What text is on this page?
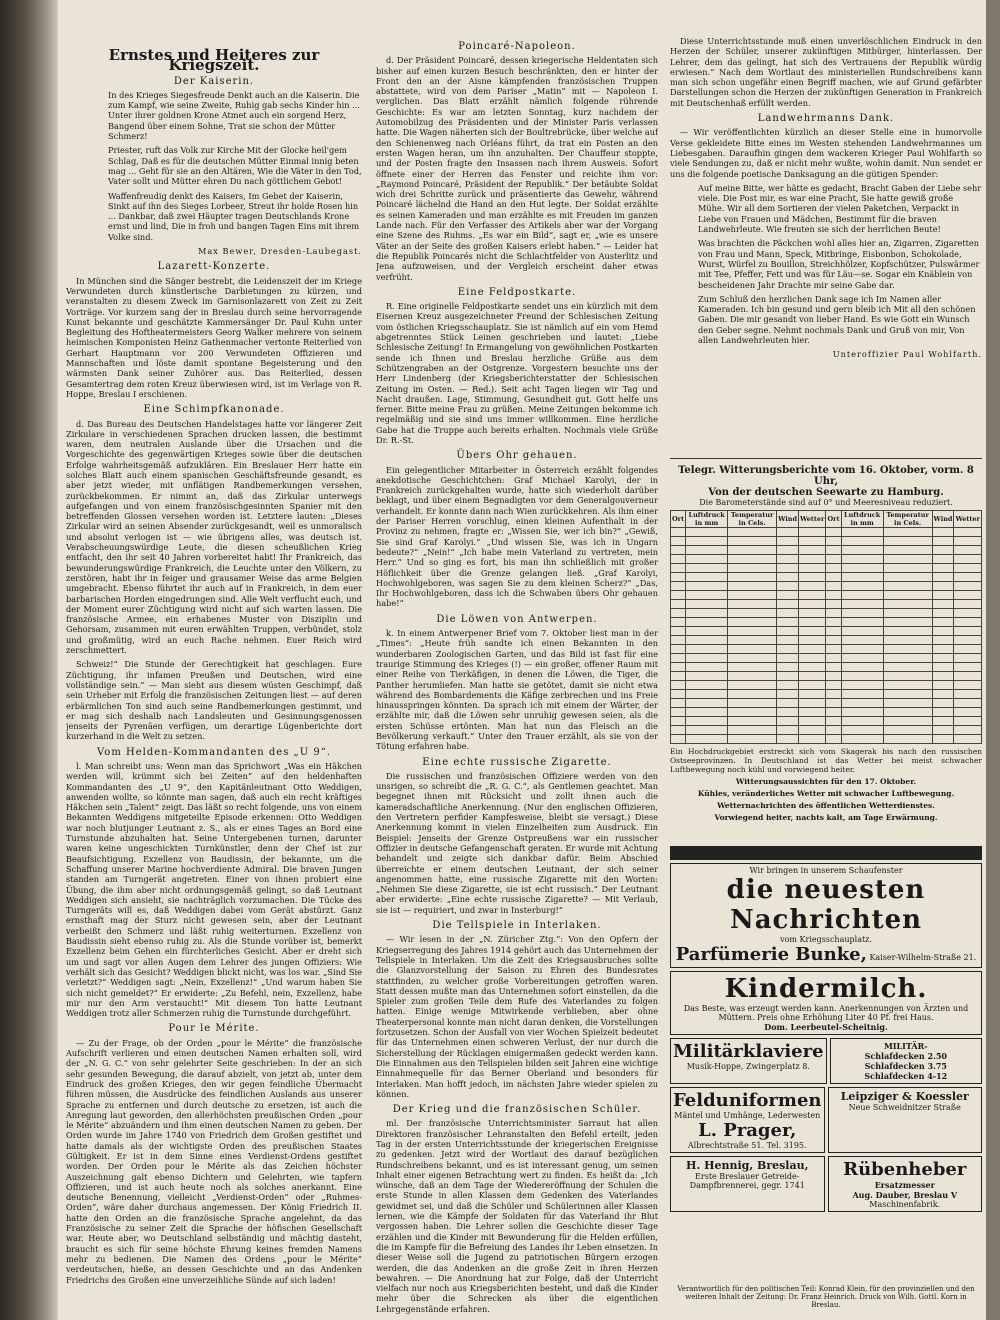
Ernstes und Heiteres zur Kriegszeit.
Der Kaiserin.

In des Krieges Siegesfreude Denkt auch an die Kaiserin. Die zum Kampf, wie seine Zweite, Ruhig gab sechs Kinder hin ... Unter ihrer goldnen Krone Atmet auch ein sorgend Herz, Bangend über einem Sohne, Trat sie schon der Mütter Schmerz!

Priester, ruft das Volk zur Kirche Mit der Glocke heil'gem Schlag, Daß es für die deutschen Mütter Einmal innig beten mag ... Geht für sie an den Altären, Wie die Väter in den Tod, Vater sollt und Mütter ehren Du nach göttlichem Gebot!

Waffenfreudig denkt des Kaisers, Im Gebet der Kaiserin, Sinkt auf ihn des Sieges Lorbeer, Streut ihr holde Rosen hin ... Dankbar, daß zwei Häupter tragen Deutschlands Krone ernst und lind, Die in froh und bangen Tagen Eins mit ihrem Volke sind.

Max Bewer, Dresden-Laubegast.
Lazarett-Konzerte.

In München sind die Sänger bestrebt, die Leidenszeit der im Kriege Verwundeten durch künstlerische Darbietungen zu kürzen, und veranstalten zu diesem Zweck im Garnisonlazarett von Zeit zu Zeit Vorträge. Vor kurzem sang der in Breslau durch seine hervorragende Kunst bekannte und geschätzte Kammersänger Dr. Paul Kuhn unter Begleitung des Hoftheatermeisters Georg Walker mehrere von seinem heimischen Komponisten Heinz Gathenmacher vertonte Reiterlied von Gerhart Hauptmann vor 200 Verwundeten Offizieren und Mannschaften und löste damit spontane Begeisterung und den wärmsten Dank seiner Zuhörer aus. Das Reiterlied, dessen Gesamtertrag dem roten Kreuz überwiesen wird, ist im Verlage von R. Hoppe, Breslau I erschienen.

Eine Schimpfkanonade.

d. Das Bureau des Deutschen Handelstages hatte vor längerer Zeit Zirkulare in verschiedenen Sprachen drucken lassen, die bestimmt waren, dem neutralen Auslande über die Ursachen und die Vorgeschichte des gegenwärtigen Krieges sowie über die deutschen Erfolge wahrheitsgemäß aufzuklären. Ein Breslauer Herr hatte ein solches Blatt auch einem spanischen Geschäftsfreunde gesandt, es aber jetzt wieder, mit unflätigen Randbemerkungen versehen, zurückbekommen. Er nimmt an, daß das Zirkular unterwegs aufgefangen und von einem französischgesinnten Spanier mit den betreffenden Glossen versehen worden ist. Letztere lauten: „Dieses Zirkular wird an seinen Absender zurückgesandt, weil es unmoralisch und absolut verlogen ist — wie übrigens alles, was deutsch ist. Verabscheuungswürdige Leute, die diesen scheußlichen Krieg entfacht, den ihr seit 40 Jahren vorbereitet habt! Ihr Frankreich, das bewunderungswürdige Frankreich, die Leuchte unter den Völkern, zu zerstören, habt ihr in feiger und grausamer Weise das arme Belgien umgebracht. Ebenso führtet ihr auch auf in Frankreich, in dem euer barbarischen Horden eingedrungen sind. Alle Welt verflucht euch, und der Moment eurer Züchtigung wird nicht auf sich warten lassen. Die französische Armee, ein erhabenes Muster von Disziplin und Gehorsam, zusammen mit euren erwählten Truppen, verbündet, stolz und großmütig, wird an euch Rache nehmen. Euer Reich wird zerschmettert.

Schweiz!“ Die Stunde der Gerechtigkeit hat geschlagen. Eure Züchtigung, ihr infamen Preußen und Deutschen, wird eine vollständige sein.“ — Man sieht aus diesem wüsten Geschimpf, daß sein Urheber mit Erfolg die französischen Zeitungen liest — auf deren erbärmlichen Ton sind auch seine Randbemerkungen gestimmt, und er mag sich deshalb nach Landsleuten und Gesinnungsgenossen jenseits der Pyrenäen verfügen, um derartige Lügenberichte dort kurzerhand in die Welt zu setzen.

Vom Helden-Kommandanten des „U 9“.

l. Man schreibt uns: Wenn man das Sprichwort „Was ein Häkchen werden will, krümmt sich bei Zeiten“ auf den heldenhaften Kommandanten des „U 9“, den Kapitänleutnant Otto Weddigen, anwenden wollte, so könnte man sagen, daß auch ein recht kräftiges Häkchen sein „Talent“ zeigt. Das läßt so recht folgende, uns von einem Bekannten Weddigens mitgeteilte Episode erkennen: Otto Weddigen war noch blutjunger Leutnant z. S., als er eines Tages an Bord eine Turnstunde abzuhalten hat. Seine Untergebenen turnen, darunter waren keine ungeschickten Turnkünstler, denn der Chef ist zur Beaufsichtigung. Exzellenz von Baudissin, der bekannte, um die Schaffung unserer Marine hochverdiente Admiral. Die braven Jungen standen am Turngerät angetreten. Einer von ihnen probiert eine Übung, die ihm aber nicht ordnungsgemäß gelingt, so daß Leutnant Weddigen sich ansieht, sie nachträglich vorzumachen. Die Tücke des Turngeräts will es, daß Weddigen dabei vom Gerät abstürzt. Ganz ernsthaft mag der Sturz nicht gewesen sein, aber der Leutnant verbeißt den Schmerz und läßt ruhig weiterturnen. Exzellenz von Baudissin sieht ebenso ruhig zu. Als die Stunde vorüber ist, bemerkt Exzellenz beim Gehen ein fürchterliches Gesicht. Aber er dreht sich um und sagt vor allen Augen dem Lehrer des jungen Offiziers: Wie verhält sich das Gesicht? Weddigen blickt nicht, was los war. „Sind Sie verletzt?“ Weddigen sagt: „Nein, Exzellenz!“ „Und warum haben Sie sich nicht gemeldet?“ Er erwiderte: „Zu Befehl, nein, Exzellenz, habe mir nur den Arm verstaucht!“ Mit diesem Ton hatte Leutnant Weddigen trotz aller Schmerzen ruhig die Turnstunde durchgeführt.

Pour le Mérite.

— Zu der Frage, ob der Orden „pour le Mérite“ die französische Aufschrift verlieren und einen deutschen Namen erhalten soll, wird der „N. G. C.“ von sehr gelehrter Seite geschrieben: In der an sich sehr gesunden Bewegung, die darauf abzielt, von jetzt ab, unter dem Eindruck des großen Krieges, den wir gegen feindliche Übermacht führen müssen, die Ausdrücke des feindlichen Auslands aus unserer Sprache zu entfernen und durch deutsche zu ersetzen, ist auch die Anregung laut geworden, den allerhöchsten preußischen Orden „pour le Mérite“ abzuändern und ihm einen deutschen Namen zu geben. Der Orden wurde im Jahre 1740 von Friedrich dem Großen gestiftet und hatte damals als der wichtigste Orden des preußischen Staates Gültigkeit. Er ist in dem Sinne eines Verdienst-Ordens gestiftet worden. Der Orden pour le Mérite als das Zeichen höchster Auszeichnung galt ebenso Dichtern und Gelehrten, wie tapfern Offizieren, und ist auch heute noch als solches anerkannt. Eine deutsche Benennung, vielleicht „Verdienst-Orden“ oder „Ruhmes-Orden“, wäre daher durchaus angemessen. Der König Friedrich II. hatte den Orden an die französische Sprache angelehnt, da das Französische zu seiner Zeit die Sprache der höfischen Gesellschaft war. Heute aber, wo Deutschland selbständig und mächtig dasteht, braucht es sich für seine höchste Ehrung keines fremden Namens mehr zu bedienen. Die Namen des Ordens „pour le Mérite“ verdeutschen, hieße, an dessen Geschichte und an das Andenken Friedrichs des Großen eine unverzeihliche Sünde auf sich laden!

Poincaré-Napoleon.

d. Der Präsident Poincaré, dessen kriegerische Heldentaten sich bisher auf einen kurzen Besuch beschränkten, den er hinter der Front den an der Aisne kämpfenden französischen Truppen abstattete, wird von dem Pariser „Matin“ mit — Napoleon I. verglichen. Das Blatt erzählt nämlich folgende rührende Geschichte: Es war am letzten Sonntag, kurz nachdem der Automobilzug des Präsidenten und der Minister Paris verlassen hatte. Die Wagen näherten sich der Boultrebrücke, über welche auf den Schienenweg nach Orléans führt, da trat ein Posten an den ersten Wagen heran, um ihn anzuhalten. Der Chauffeur stoppte, und der Posten fragte den Insassen nach ihrem Ausweis. Sofort öffnete einer der Herren das Fenster und reichte ihm vor: „Raymond Poincaré, Präsident der Republik.“ Der betäubte Soldat wich drei Schritte zurück und präsentierte das Gewehr, während Poincaré lächelnd die Hand an den Hut legte. Der Soldat erzählte es seinen Kameraden und man erzählte es mit Freuden im ganzen Lande nach. Für den Verfasser des Artikels aber war der Vorgang eine Szene des Ruhms. „Es war ein Bild“, sagt er, „wie es unsere Väter an der Seite des großen Kaisers erlebt haben.“ — Leider hat die Republik Poincarés nicht die Schlachtfelder von Austerlitz und Jena aufzuweisen, und der Vergleich erscheint daher etwas verfrüht.

Eine Feldpostkarte.

R. Eine originelle Feldpostkarte sendet uns ein kürzlich mit dem Eisernen Kreuz ausgezeichneter Freund der Schlesischen Zeitung vom östlichen Kriegsschauplatz. Sie ist nämlich auf ein vom Hemd abgetrenntes Stück Leinen geschrieben und lautet: „Liebe Schlesische Zeitung! In Ermangelung von gewöhnlichen Postkarten sende ich Ihnen und Breslau herzliche Grüße aus dem Schützengraben an der Ostgrenze. Vorgestern besuchte uns der Herr Lindenberg (der Kriegsberichterstatter der Schlesischen Zeitung im Osten. — Red.). Seit acht Tagen liegen wir Tag und Nacht draußen. Lage, Stimmung, Gesundheit gut. Gott helfe uns ferner. Bitte meine Frau zu grüßen. Meine Zeitungen bekomme ich regelmäßig und sie sind uns immer willkommen. Eine herzliche Gabe hat die Truppe auch bereits erhalten. Nochmals viele Grüße Dr. R.-St.

Übers Ohr gehauen.

Ein gelegentlicher Mitarbeiter in Österreich erzählt folgendes anekdotische Geschichtchen: Graf Michael Karolyi, der in Frankreich zurückgehalten wurde, hatte sich wiederholt darüber beklagt, und über einem Begnadigten vor dem Generalgouverneur verhandelt. Er konnte dann nach Wien zurückkehren. Als ihm einer der Pariser Herren vorschlug, einen kleinen Aufenthalt in der Provinz zu nehmen, fragte er: „Wissen Sie, wer ich bin?“ „Gewiß, Sie sind Graf Karolyi.“ „Und wissen Sie, was ich in Ungarn bedeute?“ „Nein!“ „Ich habe mein Vaterland zu vertreten, mein Herr.“ Und so ging es fort, bis man ihn schließlich mit großer Höflichkeit über die Grenze gelangen ließ. „Graf Karolyi, Hochwohlgeboren, was sagen Sie zu dem kleinen Scherz?“ „Das, Ihr Hochwohlgeboren, dass ich die Schwaben übers Ohr gehauen habe!“

Die Löwen von Antwerpen.

k. In einem Antwerpener Brief vom 7. Oktober liest man in der „Times“: „Heute früh sandte ich einen Bekannten in den wunderbaren Zoologischen Garten, und das Bild ist fast für eine traurige Stimmung des Krieges (!) — ein großer, offener Raum mit einer Reihe von Tierkäfigen, in denen die Löwen, die Tiger, die Panther herumliefen. Man hatte sie getötet, damit sie nicht etwa während des Bombardements die Käfige zerbrechen und ins Freie hinausspringen könnten. Da sprach ich mit einem der Wärter, der erzählte mir, daß die Löwen sehr unruhig gewesen seien, als die ersten Schüsse ertönten. Man hat nun das Fleisch an die Bevölkerung verkauft.“ Unter den Trauer erzählt, als sie von der Tötung erfahren habe.

Eine echte russische Zigarette.

Die russischen und französischen Offiziere werden von den unsrigen, so schreibt die „R. G. C.“, als Gentlemen geachtet. Man begegnet ihnen mit Rücksicht und zollt ihnen auch die kameradschaftliche Anerkennung. (Nur den englischen Offizieren, den Vertretern perfider Kampfesweise, bleibt sie versagt.) Diese Anerkennung kommt in vielen Einzelheiten zum Ausdruck. Ein Beispiel: Jenseits der Grenze Ostpreußens war ein russischer Offizier in deutsche Gefangenschaft geraten. Er wurde mit Achtung behandelt und zeigte sich dankbar dafür. Beim Abschied überreichte er einem deutschen Leutnant, der sich seiner angenommen hatte, eine russische Zigarette mit den Worten: „Nehmen Sie diese Zigarette, sie ist echt russisch.“ Der Leutnant aber erwiderte: „Eine echte russische Zigarette? — Mit Verlaub, sie ist — requiriert, und zwar in Insterburg!“

Die Tellspiele in Interlaken.

— Wir lesen in der „N. Züricher Ztg.“: Von den Opfern der Kriegserregung des Jahres 1914 gehört auch das Unternehmen der Tellspiele in Interlaken. Um die Zeit des Kriegsausbruches sollte die Glanzvorstellung der Saison zu Ehren des Bundesrates stattfinden, zu welcher große Vorbereitungen getroffen waren. Statt dessen mußte man das Unternehmen sofort einstellen, da die Spieler zum großen Teile dem Rufe des Vaterlandes zu folgen hatten. Einige wenige Mitwirkende verblieben, aber ohne Theaterpersonal konnte man nicht daran denken, die Vorstellungen fortzusetzen. Schon der Ausfall von vier Wochen Spielzeit bedeutet für das Unternehmen einen schweren Verlust, der nur durch die Sicherstellung der Rücklagen einigermaßen gedeckt werden kann. Die Einnahmen aus den Tellspielen bilden seit Jahren eine wichtige Einnahmequelle für das Berner Oberland und besonders für Interlaken. Man hofft jedoch, im nächsten Jahre wieder spielen zu können.

Der Krieg und die französischen Schüler.

ml. Der französische Unterrichtsminister Sarraut hat allen Direktoren französischer Lehranstalten den Befehl erteilt, jeden Tag in der ersten Unterrichtsstunde der kriegerischen Ereignisse zu gedenken. Jetzt wird der Wortlaut des darauf bezüglichen Rundschreibens bekannt, und es ist interessant genug, um seinen Inhalt einer eigenen Betrachtung wert zu finden. Es heißt da: „Ich wünsche, daß an dem Tage der Wiedereröffnung der Schulen die erste Stunde in allen Klassen dem Gedenken des Vaterlandes gewidmet sei, und daß die Schüler und Schülerinnen aller Klassen lernen, wie die Kämpfe der Soldaten für das Vaterland ihr Blut vergossen haben. Die Lehrer sollen die Geschichte dieser Tage erzählen und die Kinder mit Bewunderung für die Helden erfüllen, die im Kampfe für die Befreiung des Landes ihr Leben einsetzen. In dieser Weise soll die Jugend zu patriotischen Bürgern erzogen werden, die das Andenken an die große Zeit in ihren Herzen bewahren. — Die Anordnung hat zur Folge, daß der Unterricht vielfach nur noch aus Kriegsberichten besteht, und daß die Kinder mehr über die Schrecken als über die eigentlichen Lehrgegenstände erfahren.

Diese Unterrichtsstunde muß einen unverlöschlichen Eindruck in den Herzen der Schüler, unserer zukünftigen Mitbürger, hinterlassen. Der Lehrer, dem das gelingt, hat sich des Vertrauens der Republik würdig erwiesen.“ Nach dem Wortlaut des ministeriellen Rundschreibens kann man sich schon ungefähr einen Begriff machen, wie auf Grund gefärbter Darstellungen schon die Herzen der zukünftigen Generation in Frankreich mit Deutschenhaß erfüllt werden.

Landwehrmanns Dank.

— Wir veröffentlichten kürzlich an dieser Stelle eine in humorvolle Verse gekleidete Bitte eines im Westen stehenden Landwehrmannes um Liebesgaben. Daraufhin gingen dem wackeren Krieger Paul Wohlfarth so viele Sendungen zu, daß er nicht mehr wußte, wohin damit. Nun sendet er uns die folgende poetische Danksagung an die gütigen Spender:

Auf meine Bitte, wer hätte es gedacht, Bracht Gaben der Liebe sehr viele. Die Post mir, es war eine Pracht, Sie hatte gewiß große Mühe. Wir all dem Sortieren der vielen Paketchen, Verpackt in Liebe von Frauen und Mädchen, Bestimmt für die braven Landwehrleute. Wie freuten sie sich der herrlichen Beute!

Was brachten die Päckchen wohl alles hier an, Zigarren, Zigaretten von Frau und Mann, Speck, Mitbringe, Eisbonbon, Schokolade, Wurst, Würfel zu Bouillon, Streichhölzer, Kopfschützer, Pulswärmer mit Tee, Pfeffer, Fett und was für Läu—se. Sogar ein Knäblein von bescheidenen Jahr Drachte mir seine Gabe dar.

Zum Schluß den herzlichen Dank sage ich Im Namen aller Kameraden. Ich bin gesund und gern bleib ich Mit all den schönen Gaben. Die mir gesandt von lieber Hand. Es wie Gott ein Wunsch den Geber segne. Nehmt nochmals Dank und Gruß von mir, Von allen Landwehrleuten hier.

Unteroffizier Paul Wohlfarth.
Telegr. Witterungsberichte vom 16. Oktober, vorm. 8 Uhr,
Von der deutschen Seewarte zu Hamburg.
Die Barometerstände sind auf 0° und Meeresniveau reduziert.
Ort	Luftdruck in mm	Temperatur in Cels.	Wind	Wetter	Ort	Luftdruck in mm	Temperatur in Cels.	Wind	Wetter

Ein Hochdruckgebiet erstreckt sich vom Skagerak bis nach den russischen Ostseeprovinzen. In Deutschland ist das Wetter bei meist schwacher Luftbewegung noch kühl und vorwiegend heiter.
Witterungsaussichten für den 17. Oktober.
Kühles, veränderliches Wetter mit schwacher Luftbewegung.
Wetternachrichten des öffentlichen Wetterdienstes.
Vorwiegend heiter, nachts kalt, am Tage Erwärmung.
Wir bringen in unserem Schaufenster
die neuesten Nachrichten
vom Kriegsschauplatz.
Parfümerie Bunke, Kaiser-Wilhelm-Straße 21.
Kindermilch.
Das Beste, was erzeugt werden kann. Anerkennungen von Ärzten und Müttern. Preis ohne Erhöhung Liter 40 Pf. frei Haus.
Dom. Leerbeutel-Scheitnig.
Militärklaviere
Musik-Hoppe, Zwingerplatz 8.
MILITÄR-
Schlafdecken 2.50
Schlafdecken 3.75
Schlafdecken 4-12
Felduniformen
Mäntel und Umhänge, Lederwesten
L. Prager,
Albrechtstraße 51. Tel. 3195.
Leipziger & Koessler
Neue Schweidnitzer Straße
H. Hennig, Breslau,
Erste Breslauer Getreide-Dampfbrennerei, gegr. 1741
Rübenheber
Ersatzmesser
Aug. Dauber, Breslau V
Maschinenfabrik.
Verantwortlich für den politischen Teil: Konrad Klein, für den provinziellen und den weiteren Inhalt der Zeitung: Dr. Franz Heinrich. Druck von Wilh. Gottl. Korn in Breslau.
